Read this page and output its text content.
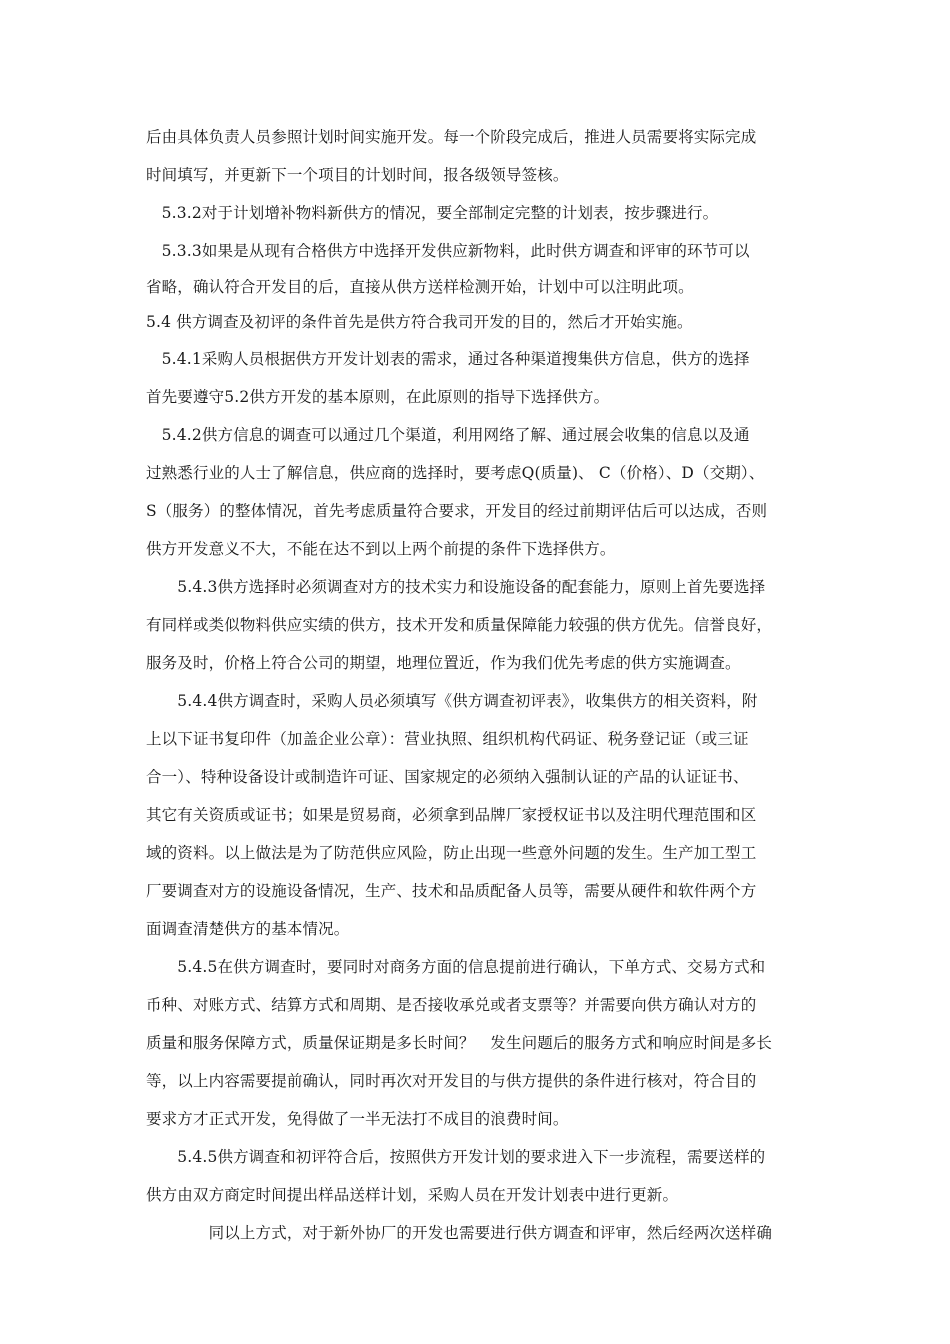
后由具体负责人员参照计划时间实施开发。每一个阶段完成后，推进人员需要将实际完成
时间填写，并更新下一个项目的计划时间，报各级领导签核。
　5.3.2对于计划增补物料新供方的情况，要全部制定完整的计划表，按步骤进行。
　5.3.3如果是从现有合格供方中选择开发供应新物料，此时供方调查和评审的环节可以
省略，确认符合开发目的后，直接从供方送样检测开始，计划中可以注明此项。
5.4 供方调查及初评的条件首先是供方符合我司开发的目的，然后才开始实施。
　5.4.1采购人员根据供方开发计划表的需求，通过各种渠道搜集供方信息，供方的选择
首先要遵守5.2供方开发的基本原则，在此原则的指导下选择供方。
　5.4.2供方信息的调查可以通过几个渠道，利用网络了解、通过展会收集的信息以及通
过熟悉行业的人士了解信息，供应商的选择时，要考虑Q(质量)、 C（价格）、D（交期）、
S（服务）的整体情况，首先考虑质量符合要求，开发目的经过前期评估后可以达成，否则
供方开发意义不大，不能在达不到以上两个前提的条件下选择供方。
　　5.4.3供方选择时必须调查对方的技术实力和设施设备的配套能力，原则上首先要选择
有同样或类似物料供应实绩的供方，技术开发和质量保障能力较强的供方优先。信誉良好，
服务及时，价格上符合公司的期望，地理位置近，作为我们优先考虑的供方实施调查。
　　5.4.4供方调查时，采购人员必须填写《供方调查初评表》，收集供方的相关资料，附
上以下证书复印件（加盖企业公章）：营业执照、组织机构代码证、税务登记证（或三证
合一）、特种设备设计或制造许可证、国家规定的必须纳入强制认证的产品的认证证书、
其它有关资质或证书；如果是贸易商，必须拿到品牌厂家授权证书以及注明代理范围和区
域的资料。以上做法是为了防范供应风险，防止出现一些意外问题的发生。生产加工型工
厂要调查对方的设施设备情况，生产、技术和品质配备人员等，需要从硬件和软件两个方
面调查清楚供方的基本情况。
　　5.4.5在供方调查时，要同时对商务方面的信息提前进行确认，下单方式、交易方式和
币种、对账方式、结算方式和周期、是否接收承兑或者支票等？并需要向供方确认对方的
质量和服务保障方式，质量保证期是多长时间？　发生问题后的服务方式和响应时间是多长
等，以上内容需要提前确认，同时再次对开发目的与供方提供的条件进行核对，符合目的
要求方才正式开发，免得做了一半无法打不成目的浪费时间。
　　5.4.5供方调查和初评符合后，按照供方开发计划的要求进入下一步流程，需要送样的
供方由双方商定时间提出样品送样计划，采购人员在开发计划表中进行更新。
　　　　同以上方式，对于新外协厂的开发也需要进行供方调查和评审，然后经两次送样确
